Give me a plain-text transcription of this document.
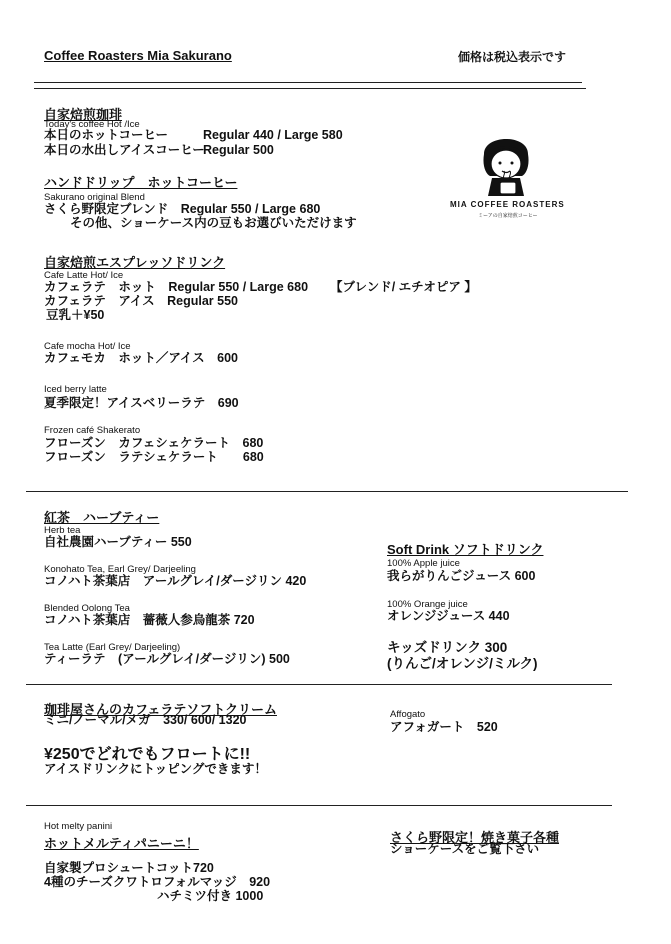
Coffee Roasters Mia Sakurano	価格は税込表示です
MIA COFFEE ROASTERS
ミーアの自家焙煎コーヒー
自家焙煎珈琲
Today's coffee Hot /Ice
本日のホットコーヒー	Regular 440 / Large 580
本日の水出しアイスコーヒー
Regular 500
ハンドドリップ　ホットコーヒー
Sakurano original Blend
さくら野限定ブレンド　Regular 550 / Large 680
その他、ショーケース内の豆もお選びいただけます
自家焙煎エスプレッソドリンク
Cafe Latte Hot/ Ice
カフェラテ　ホット　Regular 550 / Large 680 【ブレンド/ エチオピア 】
カフェラテ　アイス　Regular 550
豆乳＋¥50
Cafe mocha Hot/ Ice
カフェモカ　ホット／アイス　600
Iced berry latte
夏季限定！アイスベリーラテ　690
Frozen café Shakerato
フローズン　カフェシェケラート　680
フローズン　ラテシェケラート　　680
紅茶　ハーブティー
Herb tea
自社農園ハーブティー 550
Konohato Tea, Earl Grey/ Darjeeling
コノハト茶葉店　アールグレイ/ダージリン 420
Blended Oolong Tea
コノハト茶葉店　薔薇人参烏龍茶 720
Tea Latte (Earl Grey/ Darjeeling)
ティーラテ　(アールグレイ/ダージリン) 500
Soft Drink ソフトドリンク
100% Apple juice
我らがりんごジュース 600
100% Orange juice
オレンジジュース 440
キッズドリンク 300
(りんご/オレンジ/ミルク)
珈琲屋さんのカフェラテソフトクリーム
ミニ/ノーマル/メガ　330/ 600/ 1320
¥250でどれでもフロートに!!
アイスドリンクにトッピングできます！
Affogato
アフォガート　520
Hot melty panini
ホットメルティパニーニ！
自家製プロシュートコット720
4種のチーズクワトロフォルマッジ　920
ハチミツ付き 1000
さくら野限定！焼き菓子各種
ショーケースをご覧下さい
